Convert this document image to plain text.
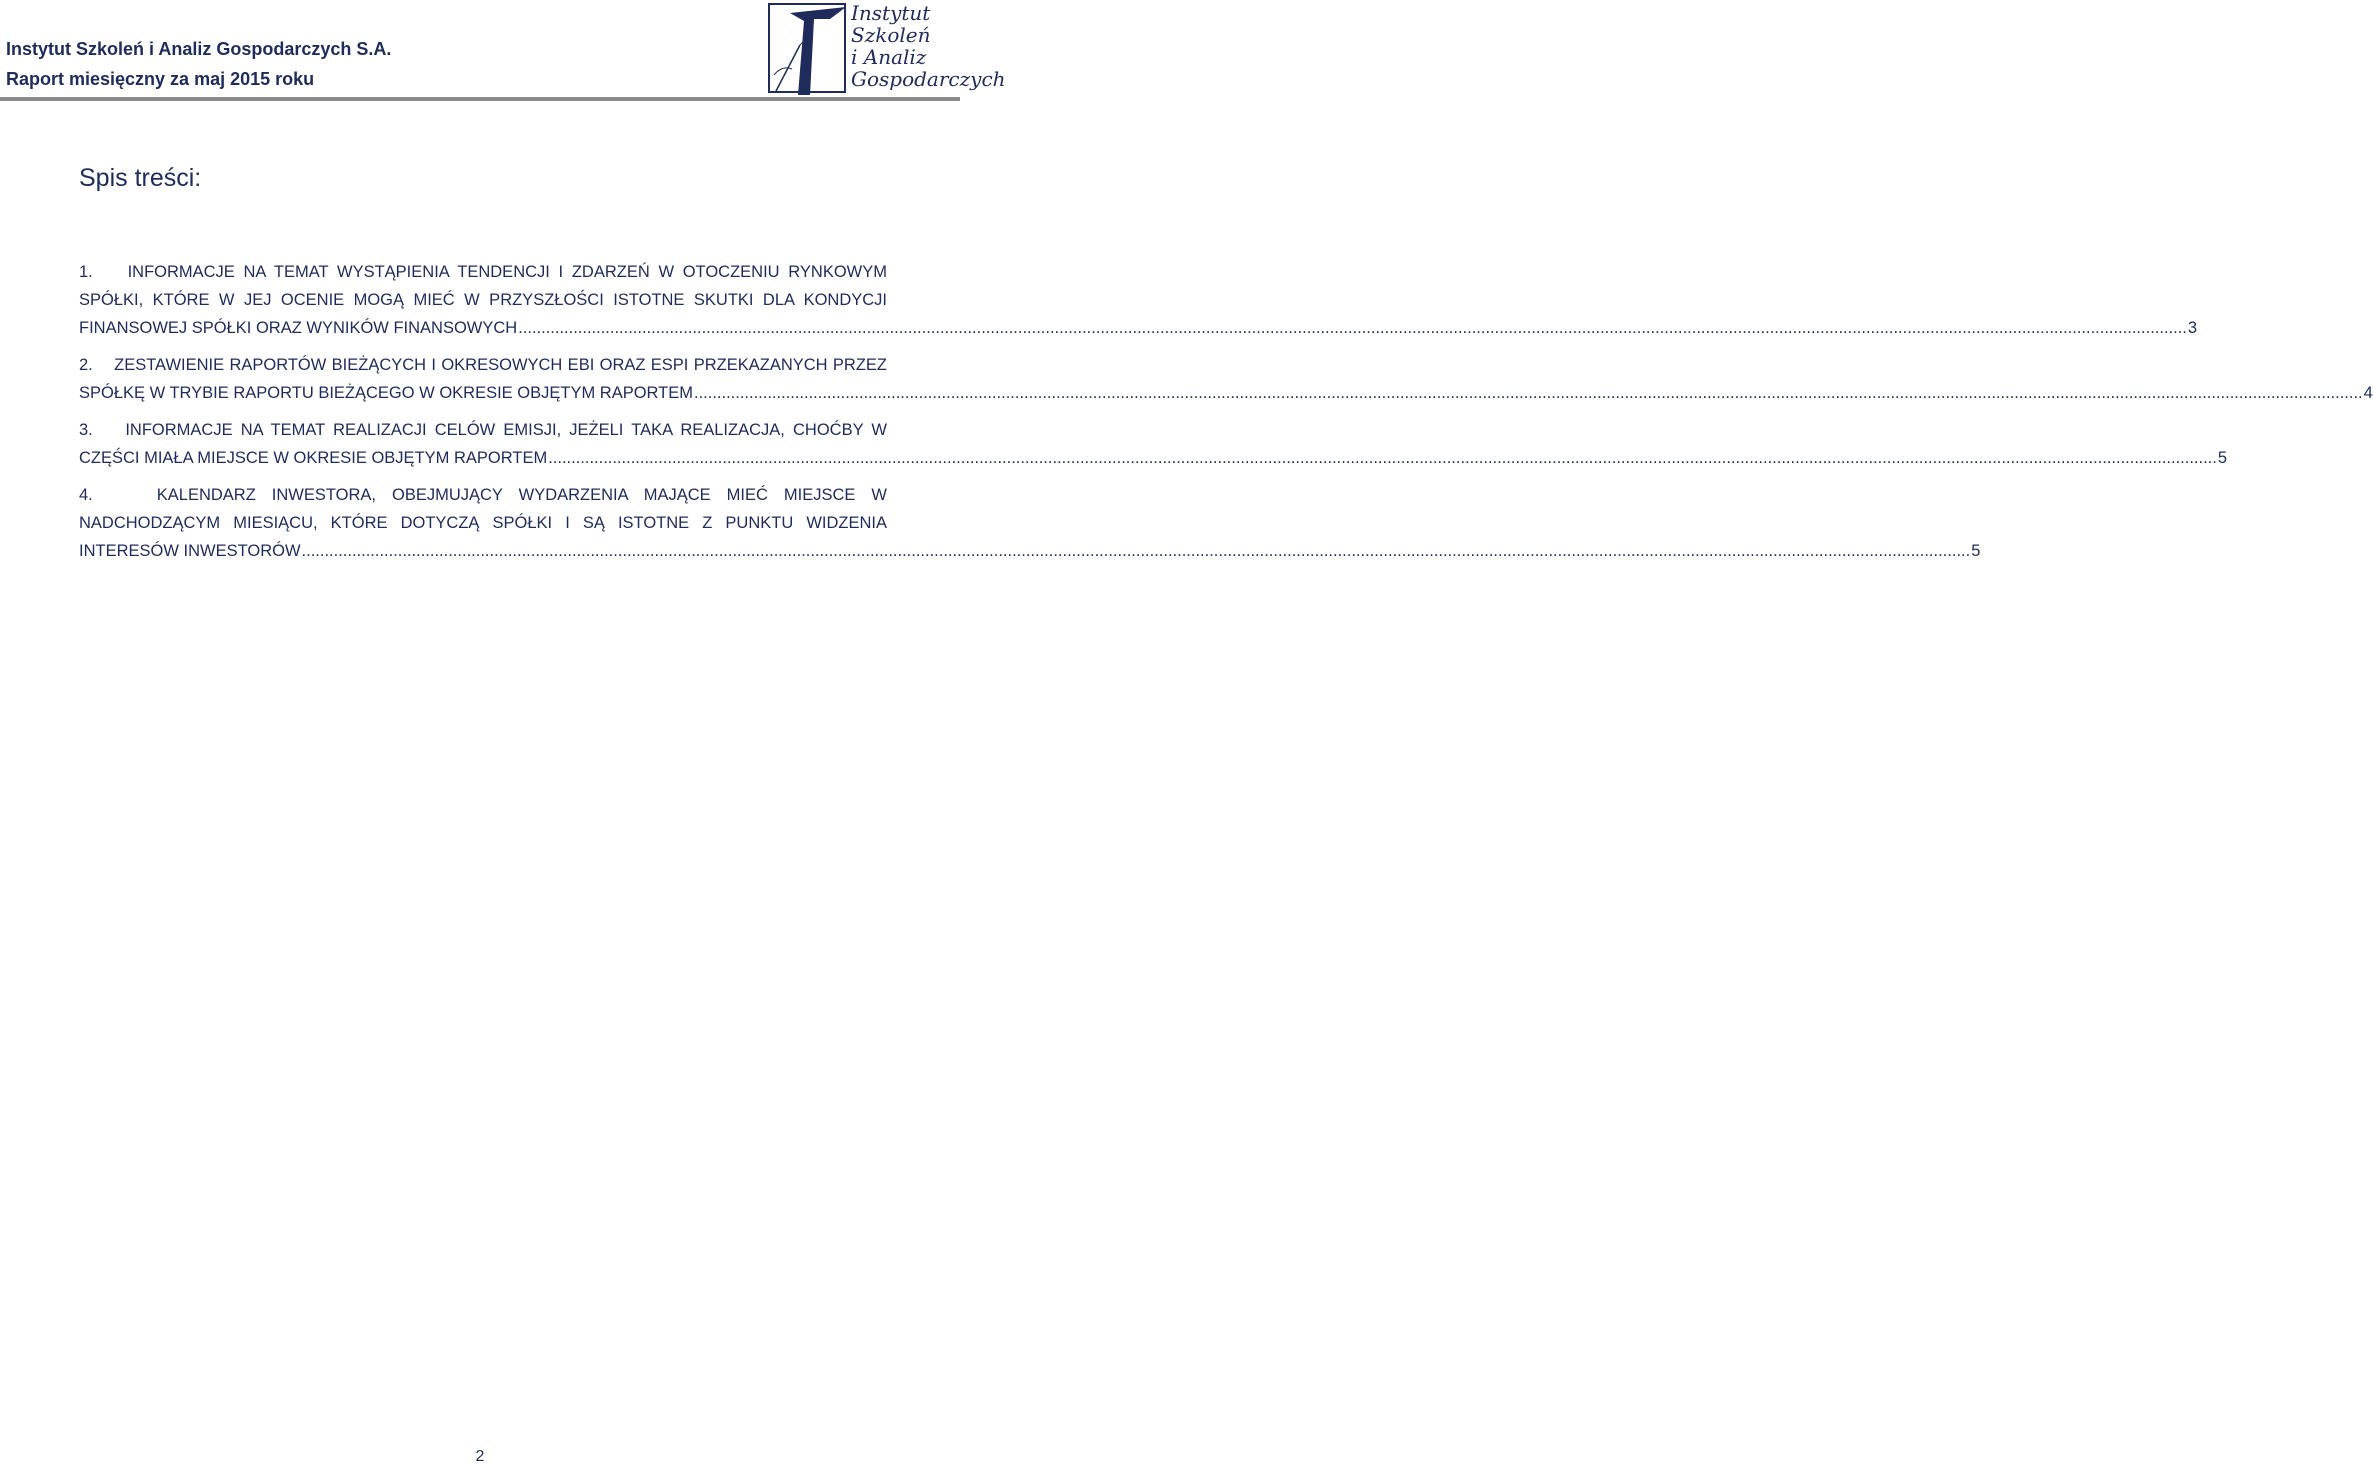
Instytut Szkoleń i Analiz Gospodarczych S.A.
Raport miesięczny za maj 2015 roku
Instytut
Szkoleń
i Analiz
Gospodarczych
Spis treści:
1. INFORMACJE NA TEMAT WYSTĄPIENIA TENDENCJI I ZDARZEŃ W OTOCZENIU RYNKOWYM SPÓŁKI, KTÓRE W JEJ OCENIE MOGĄ MIEĆ W PRZYSZŁOŚCI ISTOTNE SKUTKI DLA KONDYCJI
FINANSOWEJ SPÓŁKI ORAZ WYNIKÓW FINANSOWYCH .....	3
2. ZESTAWIENIE RAPORTÓW BIEŻĄCYCH I OKRESOWYCH EBI ORAZ ESPI PRZEKAZANYCH PRZEZ
SPÓŁKĘ W TRYBIE RAPORTU BIEŻĄCEGO W OKRESIE OBJĘTYM RAPORTEM .....	4
3. INFORMACJE NA TEMAT REALIZACJI CELÓW EMISJI, JEŻELI TAKA REALIZACJA, CHOĆBY W
CZĘŚCI MIAŁA MIEJSCE W OKRESIE OBJĘTYM RAPORTEM .....	5
4.	KALENDARZ INWESTORA, OBEJMUJĄCY WYDARZENIA MAJĄCE MIEĆ MIEJSCE W NADCHODZĄCYM MIESIĄCU, KTÓRE DOTYCZĄ SPÓŁKI I SĄ ISTOTNE Z PUNKTU WIDZENIA
INTERESÓW INWESTORÓW .....	5
2
